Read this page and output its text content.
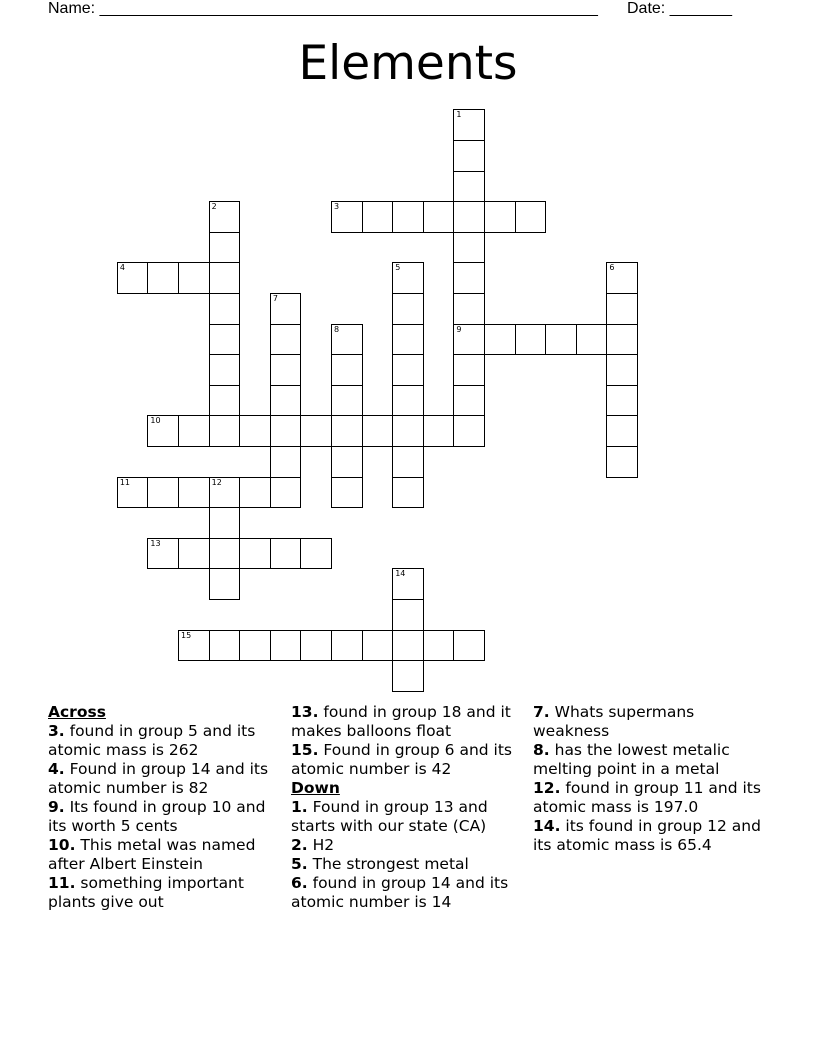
Name: ________________________________________________________ Date: _______
Elements
1
9
2	3
4	5	6
7
8
10
11	12
13
14
15
Across
3. found in group 5 and its atomic mass is 262
4. Found in group 14 and its atomic number is 82
9. Its found in group 10 and its worth 5 cents
10. This metal was named after Albert Einstein
11. something important plants give out
13. found in group 18 and it makes balloons float
15. Found in group 6 and its atomic number is 42
Down
1. Found in group 13 and starts with our state (CA)
2. H2
5. The strongest metal
6. found in group 14 and its atomic number is 14
7. Whats supermans weakness
8. has the lowest metalic melting point in a metal
12. found in group 11 and its atomic mass is 197.0
14. its found in group 12 and its atomic mass is 65.4
